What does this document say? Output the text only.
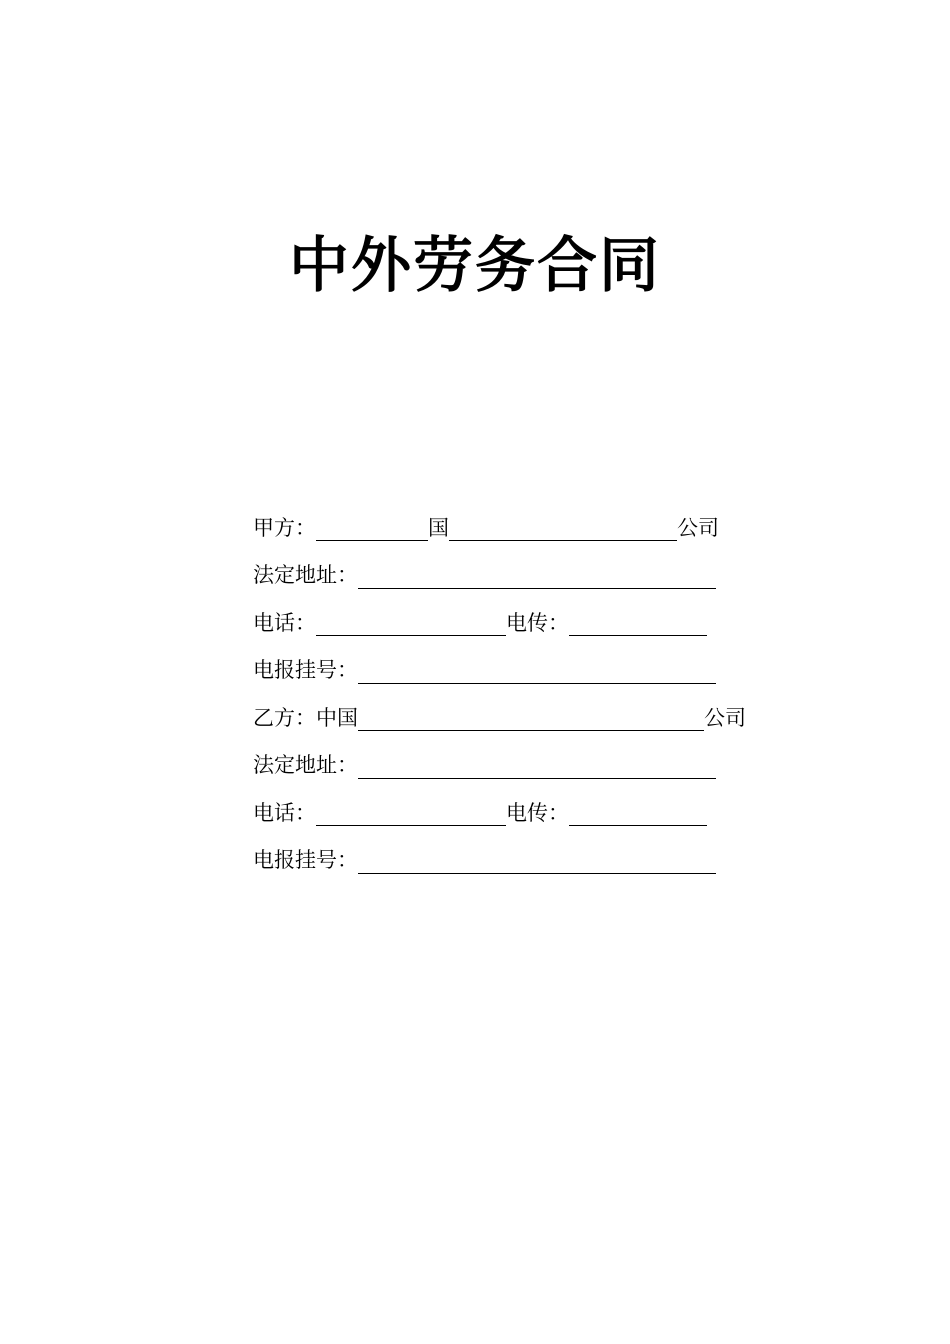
中外劳务合同
甲方：	国	公司
法定地址：
电话：	电传：
电报挂号：
乙方： 中国	公司
法定地址：
电话：	电传：
电报挂号：
